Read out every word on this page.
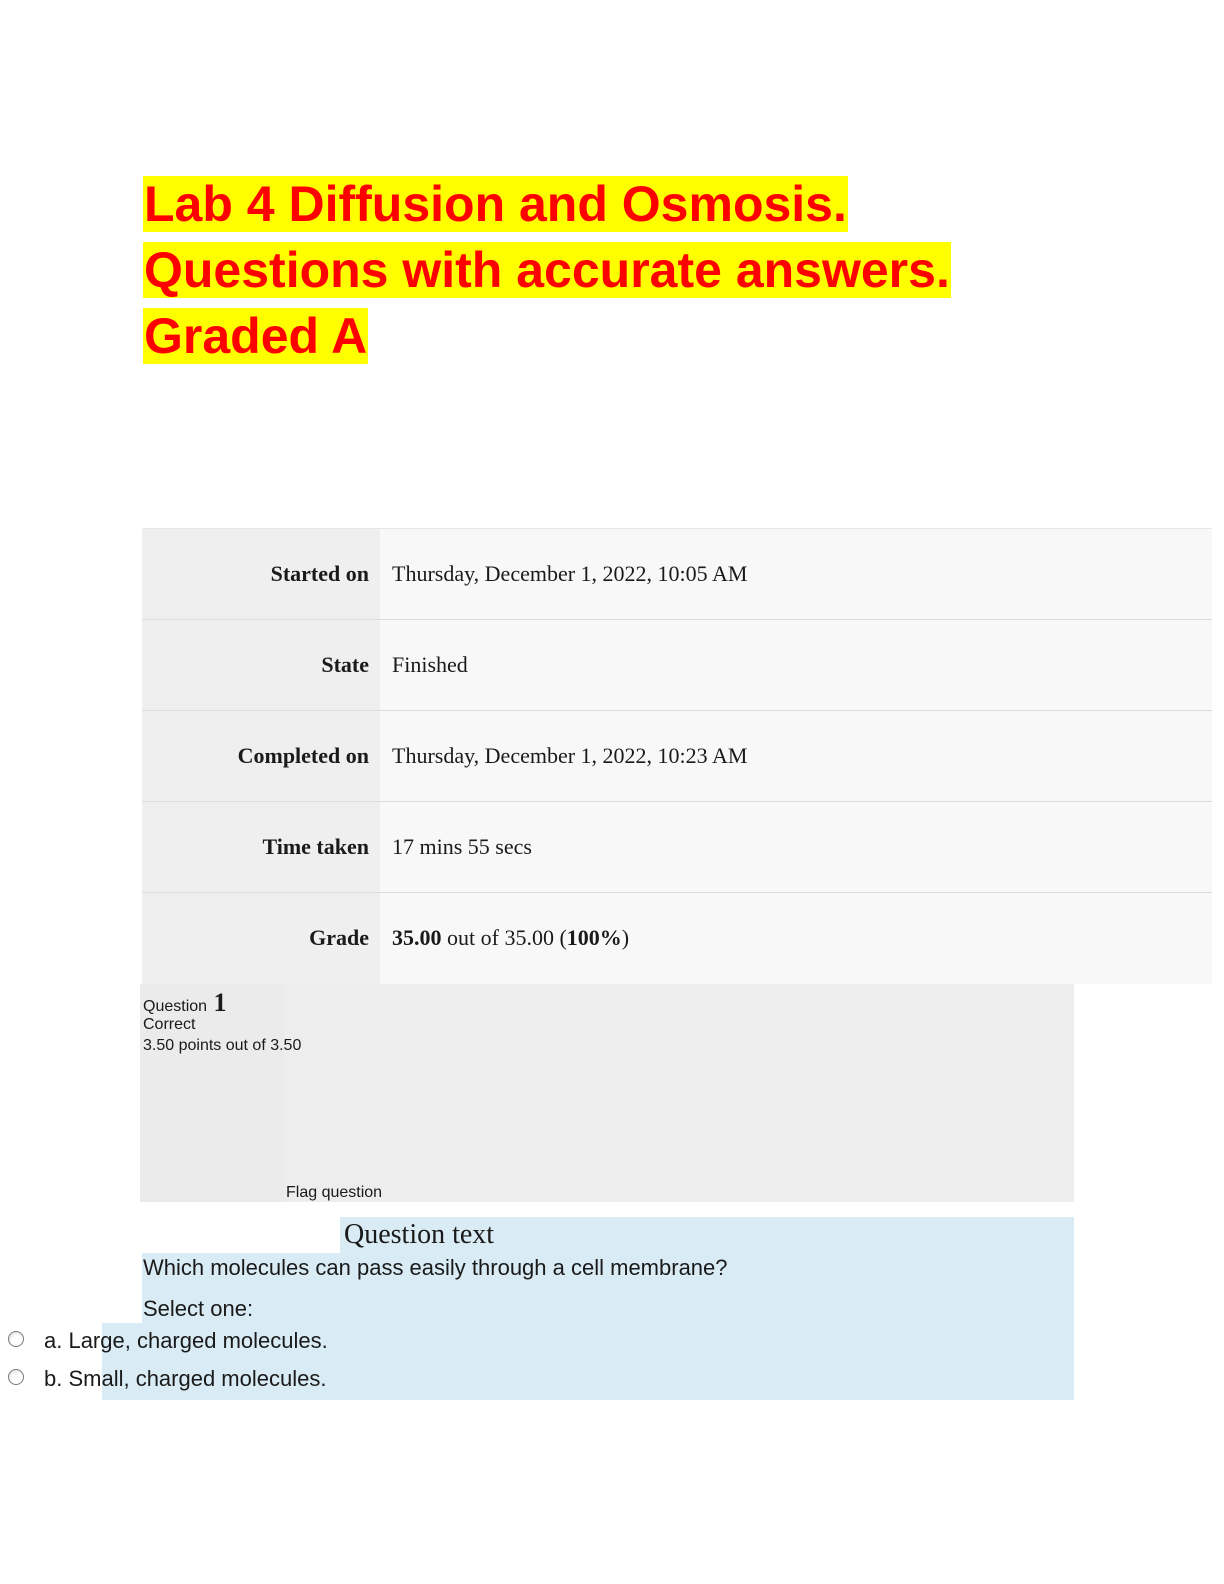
Lab 4 Diffusion and Osmosis.
Questions with accurate answers.
Graded A
Started on	Thursday, December 1, 2022, 10:05 AM
State	Finished
Completed on	Thursday, December 1, 2022, 10:23 AM
Time taken	17 mins 55 secs
Grade	35.00 out of 35.00 (100%)
Question 1
Correct
3.50 points out of 3.50
Flag question
Question text
Which molecules can pass easily through a cell membrane?
Select one:
a. Large, charged molecules.
b. Small, charged molecules.
